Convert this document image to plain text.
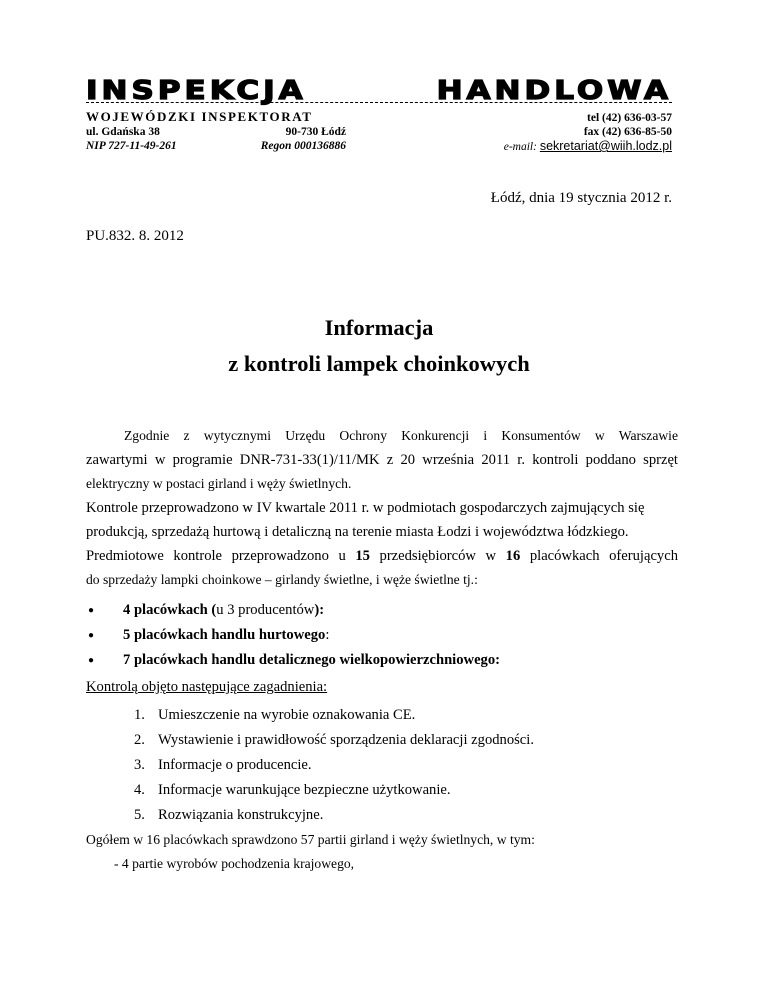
INSPEKCJA	HANDLOWA
WOJEWÓDZKI INSPEKTORAT
ul. Gdańska 38	90-730 Łódź
NIP 727-11-49-261	Regon 000136886
tel (42) 636-03-57
fax (42) 636-85-50
e-mail: sekretariat@wiih.lodz.pl
Łódź, dnia 19 stycznia 2012 r.
PU.832. 8. 2012
Informacja
z kontroli lampek choinkowych

Zgodnie z wytycznymi Urzędu Ochrony Konkurencji i Konsumentów w Warszawie

zawartymi w programie DNR-731-33(1)/11/MK z 20 września 2011 r. kontroli poddano sprzęt

elektryczny w postaci girland i węży świetlnych.

Kontrole przeprowadzono w IV kwartale 2011 r. w podmiotach gospodarczych zajmujących się

produkcją, sprzedażą hurtową i detaliczną na terenie miasta Łodzi i województwa łódzkiego.

Predmiotowe kontrole przeprowadzono u 15 przedsiębiorców w 16 placówkach oferujących

do sprzedaży lampki choinkowe – girlandy świetlne, i węże świetlne tj.:

●	4 placówkach (u 3 producentów):
●	5 placówkach handlu hurtowego:
●	7 placówkach handlu detalicznego wielkopowierzchniowego:

Kontrolą objęto następujące zagadnienia:

1. Umieszczenie na wyrobie oznakowania CE.
2. Wystawienie i prawidłowość sporządzenia deklaracji zgodności.
3. Informacje o producencie.
4. Informacje warunkujące bezpieczne użytkowanie.
5. Rozwiązania konstrukcyjne.

Ogółem w 16 placówkach sprawdzono 57 partii girland i węży świetlnych, w tym:

- 4 partie wyrobów pochodzenia krajowego,
